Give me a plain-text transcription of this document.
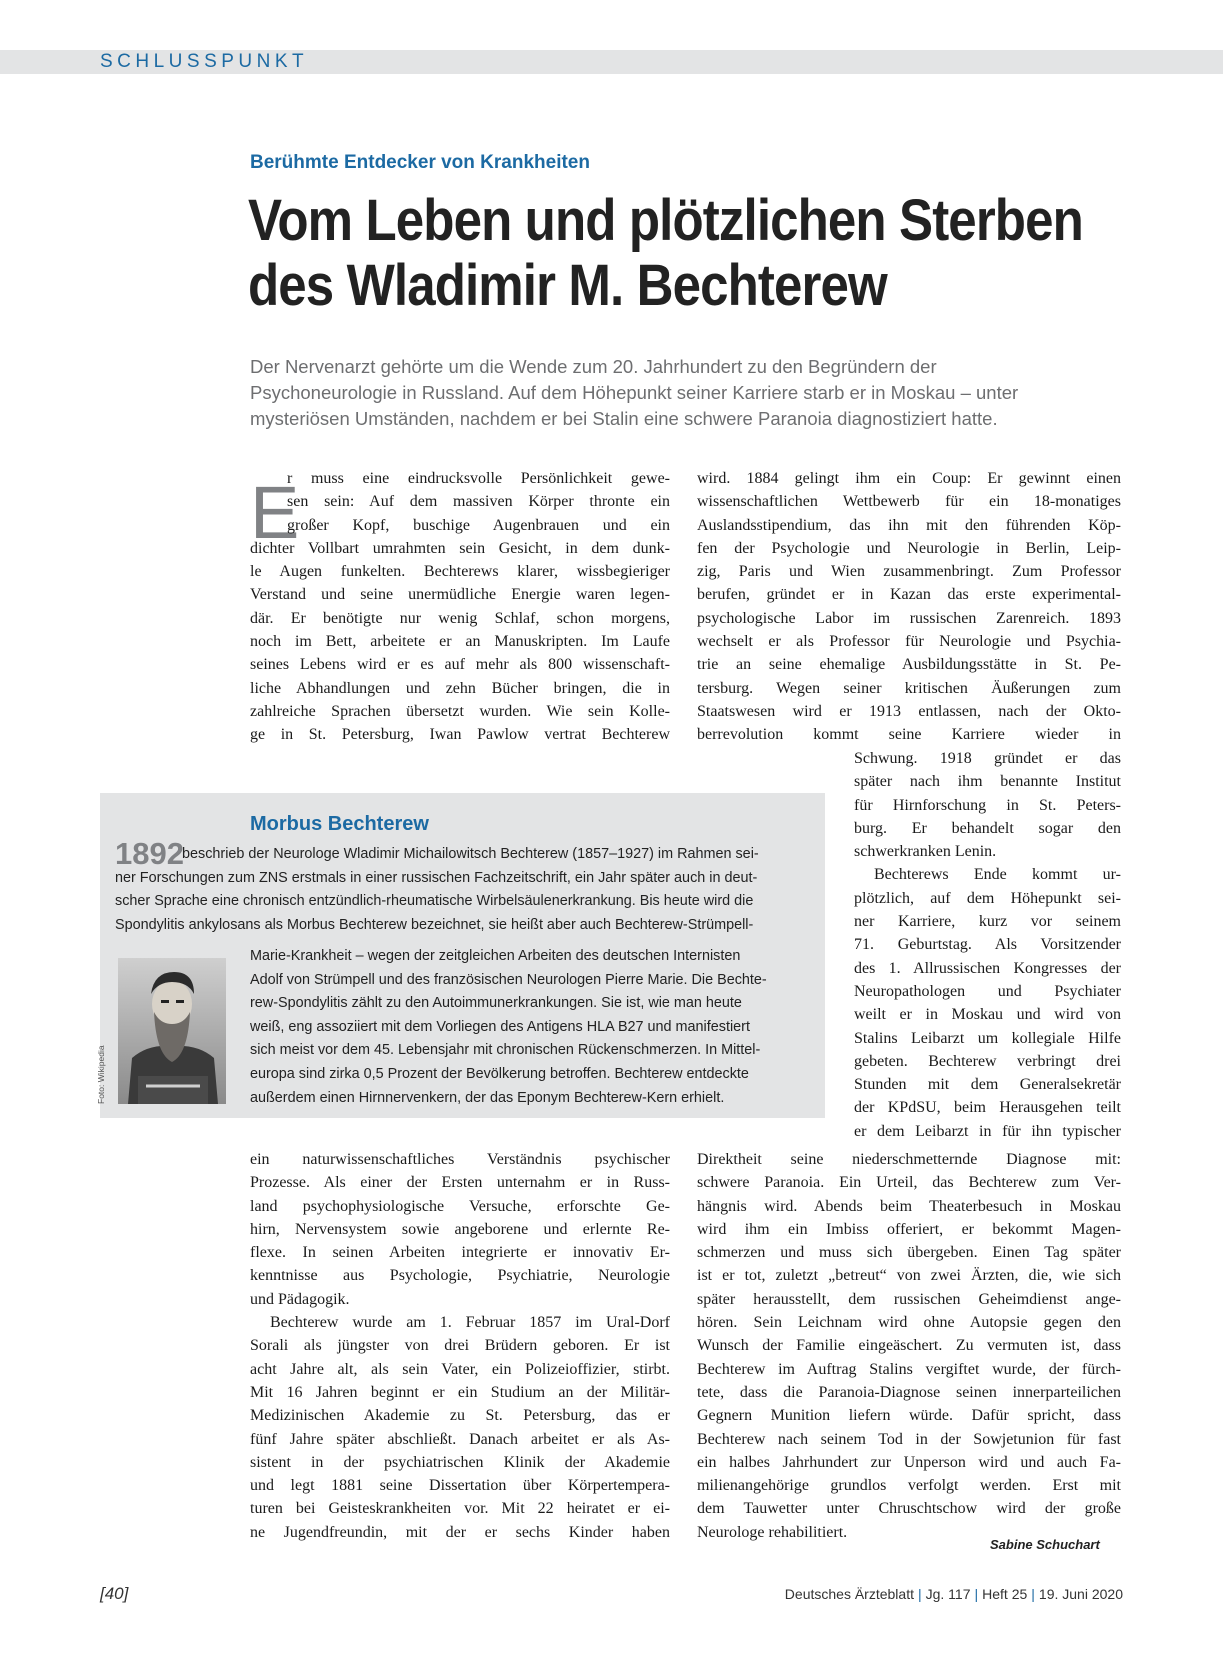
SCHLUSSPUNKT
Berühmte Entdecker von Krankheiten
Vom Leben und plötzlichen Sterben
des Wladimir M. Bechterew
Der Nervenarzt gehörte um die Wende zum 20. Jahrhundert zu den Begründern der
Psychoneurologie in Russland. Auf dem Höhepunkt seiner Karriere starb er in Moskau – unter
mysteriösen Umständen, nachdem er bei Stalin eine schwere Paranoia diagnostiziert hatte.
E
r muss eine eindrucksvolle Persönlichkeit gewe-
sen sein: Auf dem massiven Körper thronte ein
großer Kopf, buschige Augenbrauen und ein
dichter Vollbart umrahmten sein Gesicht, in dem dunk-
le Augen funkelten. Bechterews klarer, wissbegieriger
Verstand und seine unermüdliche Energie waren legen-
där. Er benötigte nur wenig Schlaf, schon morgens,
noch im Bett, arbeitete er an Manuskripten. Im Laufe
seines Lebens wird er es auf mehr als 800 wissenschaft-
liche Abhandlungen und zehn Bücher bringen, die in
zahlreiche Sprachen übersetzt wurden. Wie sein Kolle-
ge in St. Petersburg, Iwan Pawlow vertrat Bechterew
wird. 1884 gelingt ihm ein Coup: Er gewinnt einen
wissenschaftlichen Wettbewerb für ein 18-monatiges
Auslandsstipendium, das ihn mit den führenden Köp-
fen der Psychologie und Neurologie in Berlin, Leip-
zig, Paris und Wien zusammenbringt. Zum Professor
berufen, gründet er in Kazan das erste experimental-
psychologische Labor im russischen Zarenreich. 1893
wechselt er als Professor für Neurologie und Psychia-
trie an seine ehemalige Ausbildungsstätte in St. Pe-
tersburg. Wegen seiner kritischen Äußerungen zum
Staatswesen wird er 1913 entlassen, nach der Okto-
berrevolution kommt seine Karriere wieder in
Schwung. 1918 gründet er das
später nach ihm benannte Institut
für Hirnforschung in St. Peters-
burg. Er behandelt sogar den
schwerkranken Lenin.
Bechterews Ende kommt ur-
plötzlich, auf dem Höhepunkt sei-
ner Karriere, kurz vor seinem
71. Geburtstag. Als Vorsitzender
des 1. Allrussischen Kongresses der
Neuropathologen und Psychiater
weilt er in Moskau und wird von
Stalins Leibarzt um kollegiale Hilfe
gebeten. Bechterew verbringt drei
Stunden mit dem Generalsekretär
der KPdSU, beim Herausgehen teilt
er dem Leibarzt in für ihn typischer
Morbus Bechterew
1892
beschrieb der Neurologe Wladimir Michailowitsch Bechterew (1857–1927) im Rahmen sei-
ner Forschungen zum ZNS erstmals in einer russischen Fachzeitschrift, ein Jahr später auch in deut-
scher Sprache eine chronisch entzündlich-rheumatische Wirbelsäulenerkrankung. Bis heute wird die
Spondylitis ankylosans als Morbus Bechterew bezeichnet, sie heißt aber auch Bechterew-Strümpell-
Marie-Krankheit – wegen der zeitgleichen Arbeiten des deutschen Internisten
Adolf von Strümpell und des französischen Neurologen Pierre Marie. Die Bechte-
rew-Spondylitis zählt zu den Autoimmunerkrankungen. Sie ist, wie man heute
weiß, eng assoziiert mit dem Vorliegen des Antigens HLA B27 und manifestiert
sich meist vor dem 45. Lebensjahr mit chronischen Rückenschmerzen. In Mittel-
europa sind zirka 0,5 Prozent der Bevölkerung betroffen. Bechterew entdeckte
außerdem einen Hirnnervenkern, der das Eponym Bechterew-Kern erhielt.
Foto: Wikipedia
ein naturwissenschaftliches Verständnis psychischer
Prozesse. Als einer der Ersten unternahm er in Russ-
land psychophysiologische Versuche, erforschte Ge-
hirn, Nervensystem sowie angeborene und erlernte Re-
flexe. In seinen Arbeiten integrierte er innovativ Er-
kenntnisse aus Psychologie, Psychiatrie, Neurologie
und Pädagogik.
Bechterew wurde am 1. Februar 1857 im Ural-Dorf
Sorali als jüngster von drei Brüdern geboren. Er ist
acht Jahre alt, als sein Vater, ein Polizeioffizier, stirbt.
Mit 16 Jahren beginnt er ein Studium an der Militär-
Medizinischen Akademie zu St. Petersburg, das er
fünf Jahre später abschließt. Danach arbeitet er als As-
sistent in der psychiatrischen Klinik der Akademie
und legt 1881 seine Dissertation über Körpertempera-
turen bei Geisteskrankheiten vor. Mit 22 heiratet er ei-
ne Jugendfreundin, mit der er sechs Kinder haben
Direktheit seine niederschmetternde Diagnose mit:
schwere Paranoia. Ein Urteil, das Bechterew zum Ver-
hängnis wird. Abends beim Theaterbesuch in Moskau
wird ihm ein Imbiss offeriert, er bekommt Magen-
schmerzen und muss sich übergeben. Einen Tag später
ist er tot, zuletzt „betreut“ von zwei Ärzten, die, wie sich
später herausstellt, dem russischen Geheimdienst ange-
hören. Sein Leichnam wird ohne Autopsie gegen den
Wunsch der Familie eingeäschert. Zu vermuten ist, dass
Bechterew im Auftrag Stalins vergiftet wurde, der fürch-
tete, dass die Paranoia-Diagnose seinen innerparteilichen
Gegnern Munition liefern würde. Dafür spricht, dass
Bechterew nach seinem Tod in der Sowjetunion für fast
ein halbes Jahrhundert zur Unperson wird und auch Fa-
milienangehörige grundlos verfolgt werden. Erst mit
dem Tauwetter unter Chruschtschow wird der große
Neurologe rehabilitiert.
Sabine Schuchart
[40]	Deutsches Ärzteblatt | Jg. 117 | Heft 25 | 19. Juni 2020
